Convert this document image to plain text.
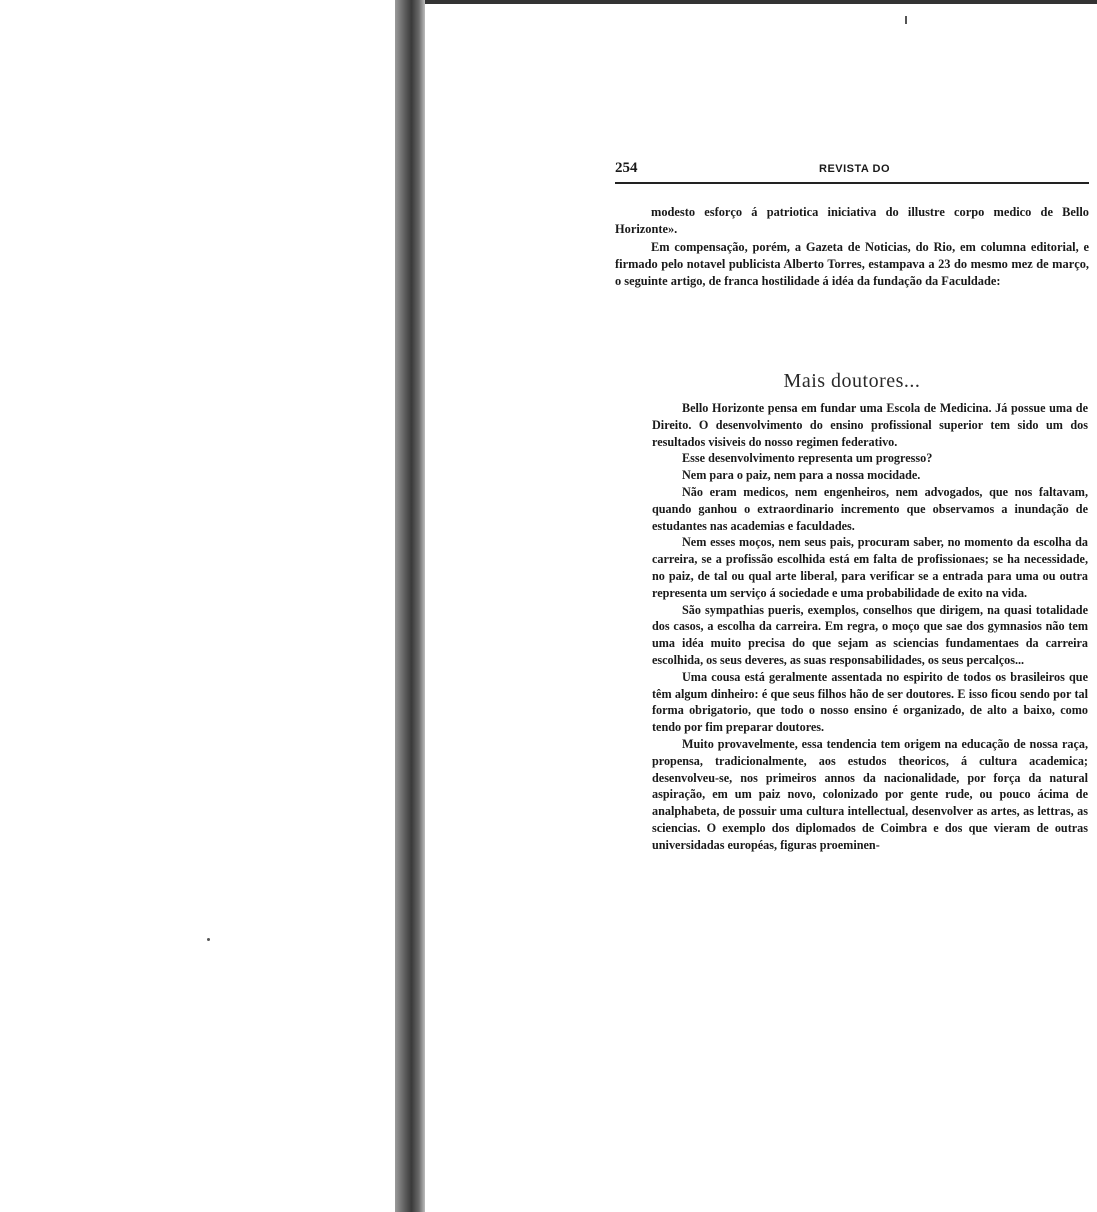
254	REVISTA DO

modesto esforço á patriotica iniciativa do illustre corpo medico de Bello Horizonte».

Em compensação, porém, a Gazeta de Noticias, do Rio, em columna editorial, e firmado pelo notavel publicista Alberto Torres, estampava a 23 do mesmo mez de março, o seguinte artigo, de franca hostilidade á idéa da fundação da Faculdade:

Mais doutores...

Bello Horizonte pensa em fundar uma Escola de Medicina. Já possue uma de Direito. O desenvolvimento do ensino profissional superior tem sido um dos resultados visiveis do nosso regimen federativo.

Esse desenvolvimento representa um progresso?

Nem para o paiz, nem para a nossa mocidade.

Não eram medicos, nem engenheiros, nem advogados, que nos faltavam, quando ganhou o extraordinario incremento que observamos a inundação de estudantes nas academias e faculdades.

Nem esses moços, nem seus pais, procuram saber, no momento da escolha da carreira, se a profissão escolhida está em falta de profissionaes; se ha necessidade, no paiz, de tal ou qual arte liberal, para verificar se a entrada para uma ou outra representa um serviço á sociedade e uma probabilidade de exito na vida.

São sympathias pueris, exemplos, conselhos que dirigem, na quasi totalidade dos casos, a escolha da carreira. Em regra, o moço que sae dos gymnasios não tem uma idéa muito precisa do que sejam as sciencias fundamentaes da carreira escolhida, os seus deveres, as suas responsabilidades, os seus percalços...

Uma cousa está geralmente assentada no espirito de todos os brasileiros que têm algum dinheiro: é que seus filhos hão de ser doutores. E isso ficou sendo por tal forma obrigatorio, que todo o nosso ensino é organizado, de alto a baixo, como tendo por fim preparar doutores.

Muito provavelmente, essa tendencia tem origem na educação de nossa raça, propensa, tradicionalmente, aos estudos theoricos, á cultura academica; desenvolveu-se, nos primeiros annos da nacionalidade, por força da natural aspiração, em um paiz novo, colonizado por gente rude, ou pouco ácima de analphabeta, de possuir uma cultura intellectual, desenvolver as artes, as lettras, as sciencias. O exemplo dos diplomados de Coimbra e dos que vieram de outras universidadas européas, figuras proeminen-
